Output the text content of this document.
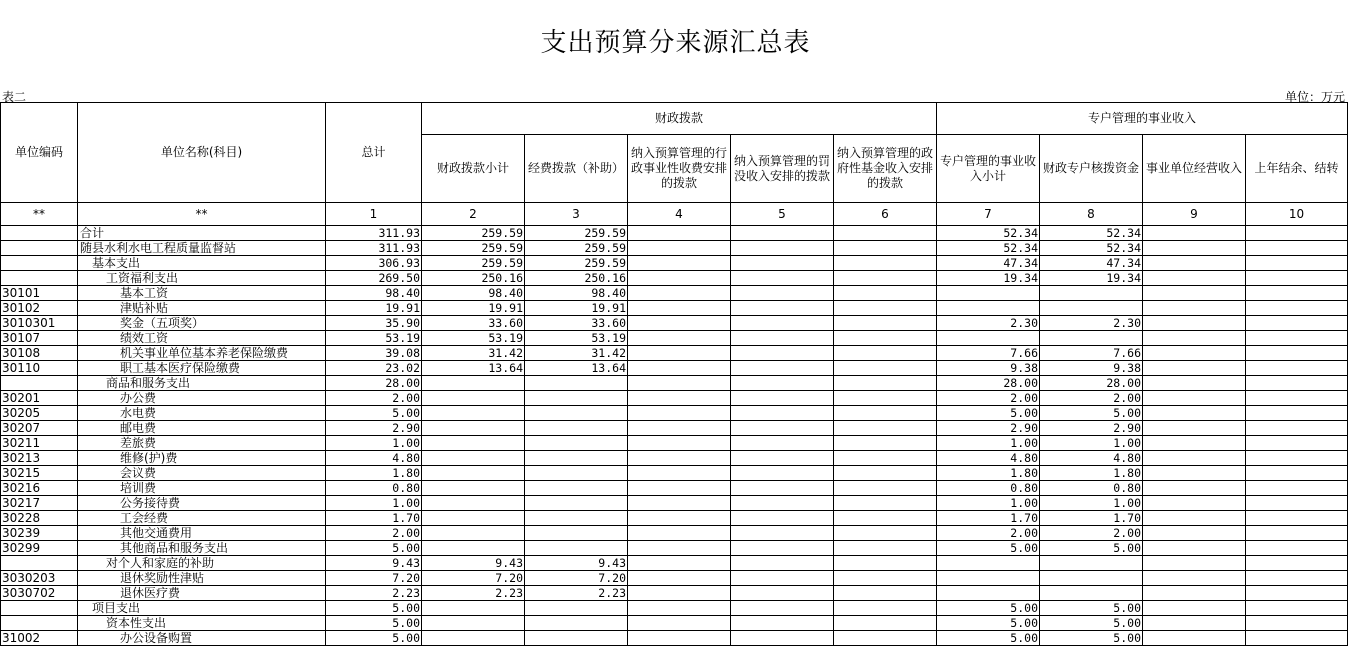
支出预算分来源汇总表
表二	单位：万元
单位编码	单位名称(科目)	总计	财政拨款					专户管理的事业收入			
			财政拨款小计	经费拨款（补助）	纳入预算管理的行政事业性收费安排的拨款	纳入预算管理的罚没收入安排的拨款	纳入预算管理的政府性基金收入安排的拨款	专户管理的事业收入小计	财政专户核拨资金	事业单位经营收入	上年结余、结转
**	**	1	2	3	4	5	6	7	8	9	10
	合计	311.93	259.59	259.59				52.34	52.34		
	随县水利水电工程质量监督站	311.93	259.59	259.59				52.34	52.34		
	基本支出	306.93	259.59	259.59				47.34	47.34		
	工资福利支出	269.50	250.16	250.16				19.34	19.34		
30101	基本工资	98.40	98.40	98.40							
30102	津贴补贴	19.91	19.91	19.91							
3010301	奖金（五项奖）	35.90	33.60	33.60				2.30	2.30		
30107	绩效工资	53.19	53.19	53.19							
30108	机关事业单位基本养老保险缴费	39.08	31.42	31.42				7.66	7.66		
30110	职工基本医疗保险缴费	23.02	13.64	13.64				9.38	9.38		
	商品和服务支出	28.00						28.00	28.00		
30201	办公费	2.00						2.00	2.00		
30205	水电费	5.00						5.00	5.00		
30207	邮电费	2.90						2.90	2.90		
30211	差旅费	1.00						1.00	1.00		
30213	维修(护)费	4.80						4.80	4.80		
30215	会议费	1.80						1.80	1.80		
30216	培训费	0.80						0.80	0.80		
30217	公务接待费	1.00						1.00	1.00		
30228	工会经费	1.70						1.70	1.70		
30239	其他交通费用	2.00						2.00	2.00		
30299	其他商品和服务支出	5.00						5.00	5.00		
	对个人和家庭的补助	9.43	9.43	9.43							
3030203	退休奖励性津贴	7.20	7.20	7.20							
3030702	退休医疗费	2.23	2.23	2.23							
	项目支出	5.00						5.00	5.00		
	资本性支出	5.00						5.00	5.00		
31002	办公设备购置	5.00						5.00	5.00		
